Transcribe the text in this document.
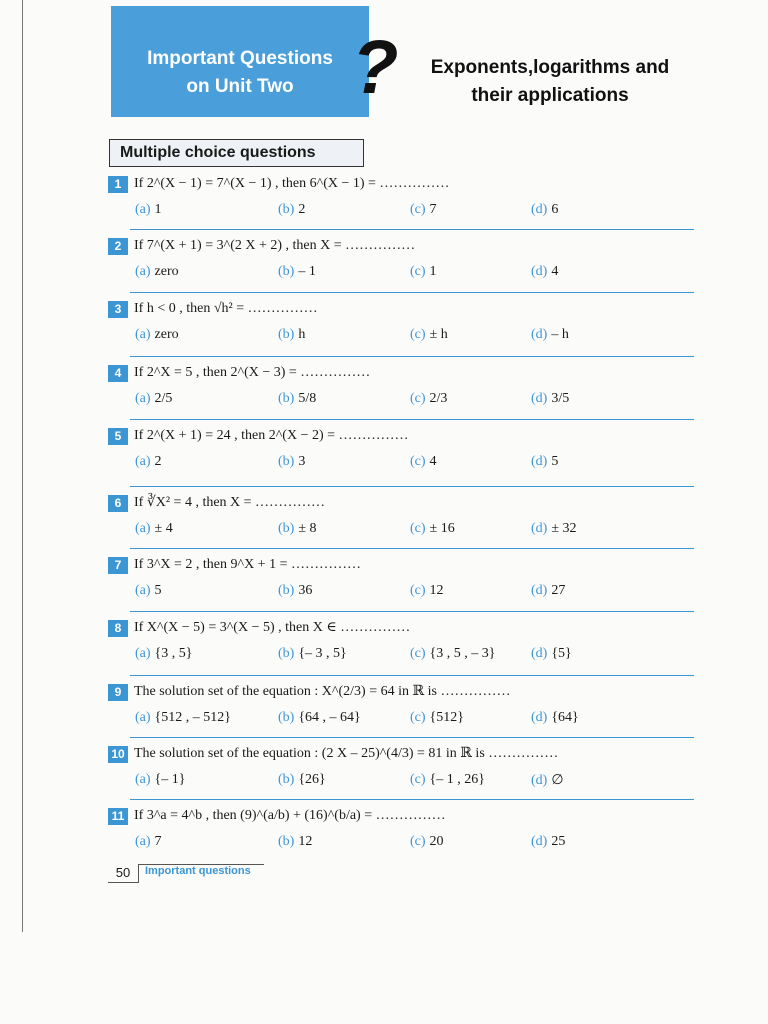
Important Questions
on Unit Two ?	Exponents,logarithms and
their applications
Multiple choice questions
1 If 2^(X − 1) = 7^(X − 1) , then 6^(X − 1) = ……………
(a) 1	(b) 2	(c) 7	(d) 6
2 If 7^(X + 1) = 3^(2 X + 2) , then X = ……………
(a) zero	(b) – 1	(c) 1	(d) 4
3 If h < 0 , then √h² = ……………
(a) zero	(b) h	(c) ± h	(d) – h
4 If 2^X = 5 , then 2^(X − 3) = ……………
(a) 2/5	(b) 5/8	(c) 2/3	(d) 3/5
5 If 2^(X + 1) = 24 , then 2^(X − 2) = ……………
(a) 2	(b) 3	(c) 4	(d) 5
6 If ∛X² = 4 , then X = ……………
(a) ± 4	(b) ± 8	(c) ± 16	(d) ± 32
7 If 3^X = 2 , then 9^X + 1 = ……………
(a) 5	(b) 36	(c) 12	(d) 27
8 If X^(X − 5) = 3^(X − 5) , then X ∈ ……………
(a) {3 , 5}	(b) {– 3 , 5}	(c) {3 , 5 , – 3}	(d) {5}
9 The solution set of the equation : X^(2/3) = 64 in ℝ is ……………
(a) {512 , – 512}	(b) {64 , – 64}	(c) {512}	(d) {64}
10 The solution set of the equation : (2 X – 25)^(4/3) = 81 in ℝ is ……………
(a) {– 1}	(b) {26}	(c) {– 1 , 26}	(d) ∅
11 If 3^a = 4^b , then (9)^(a/b) + (16)^(b/a) = ……………
(a) 7	(b) 12	(c) 20	(d) 25
50	Important questions
